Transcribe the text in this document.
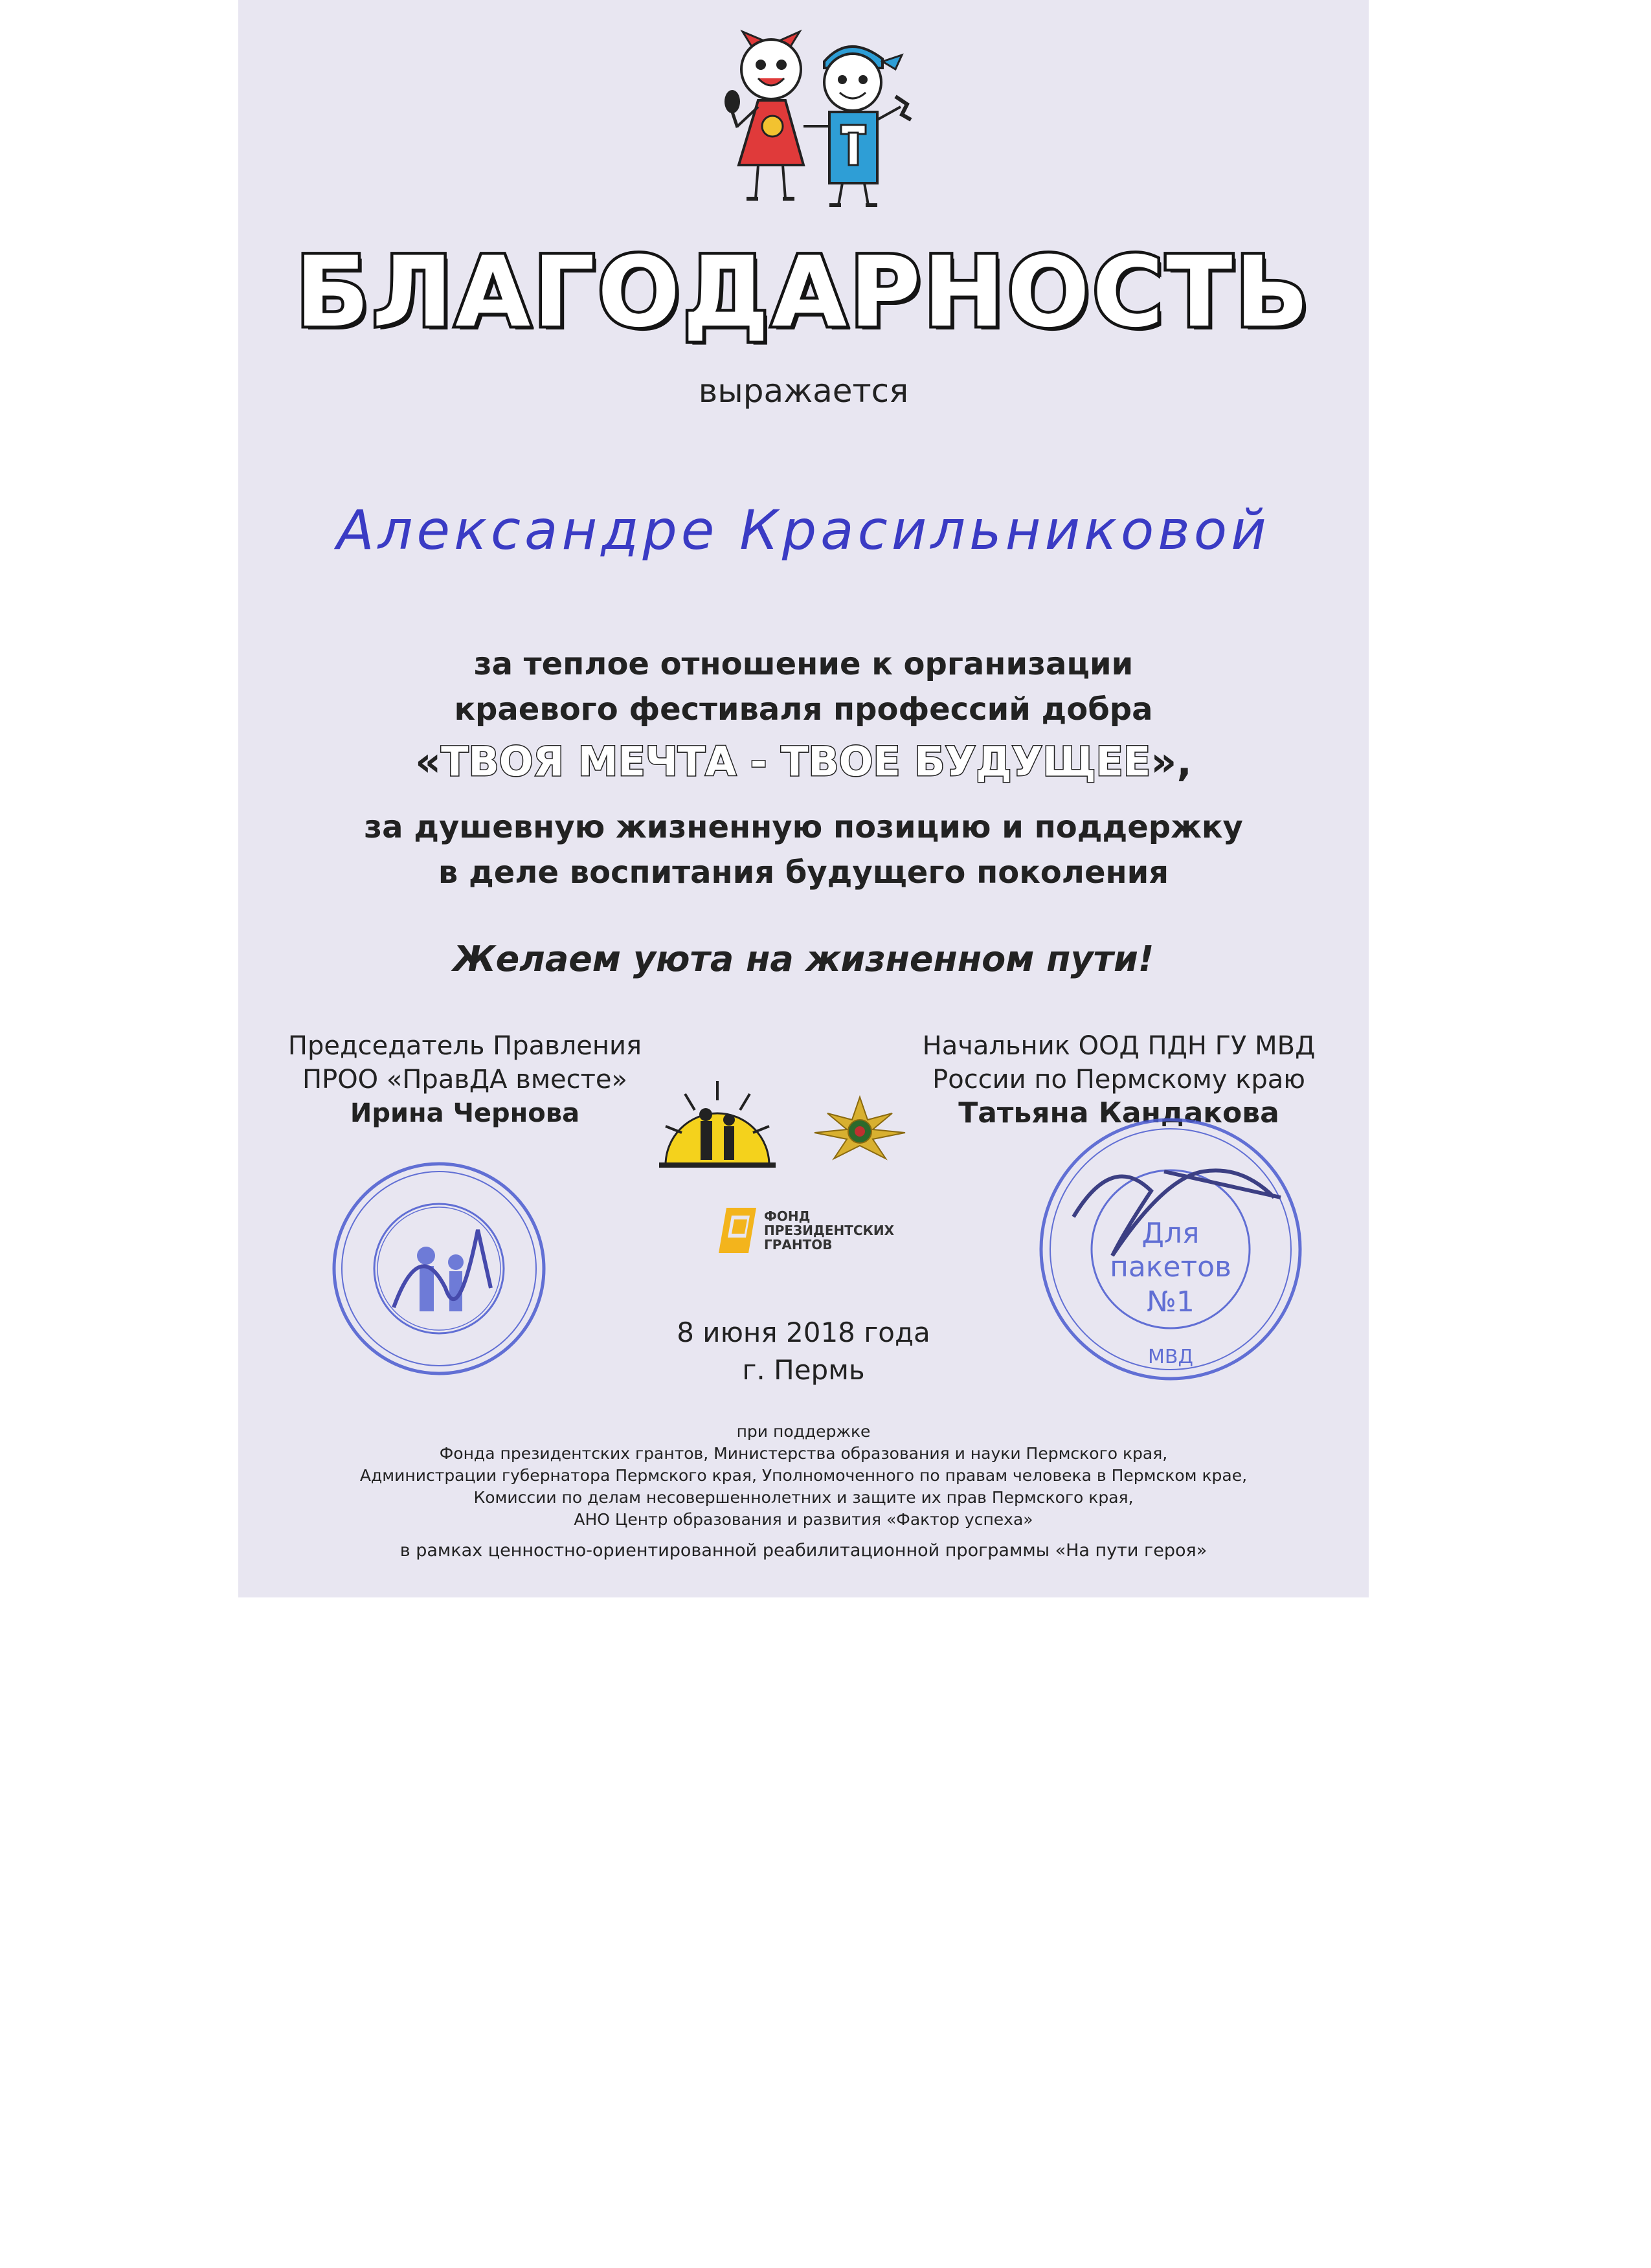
БЛАГОДАРНОСТЬ
выражается
Александре Красильниковой
за теплое отношение к организации
краевого фестиваля профессий добра
«ТВОЯ МЕЧТА - ТВОЕ БУДУЩЕЕ»,
за душевную жизненную позицию и поддержку
в деле воспитания будущего поколения
Желаем уюта на жизненном пути!
Председатель Правления
ПРОО «ПравДА вместе»
Ирина Чернова
Начальник ООД ПДН ГУ МВД
России по Пермскому краю
Татьяна Кандакова
ФОНД
ПРЕЗИДЕНТСКИХ
ГРАНТОВ
8 июня 2018 года
г. Пермь
Для
пакетов
№1
МВД
при поддержке
Фонда президентских грантов, Министерства образования и науки Пермского края,
Администрации губернатора Пермского края, Уполномоченного по правам человека в Пермском крае,
Комиссии по делам несовершеннолетних и защите их прав Пермского края,
АНО Центр образования и развития «Фактор успеха»
в рамках ценностно-ориентированной реабилитационной программы «На пути героя»
